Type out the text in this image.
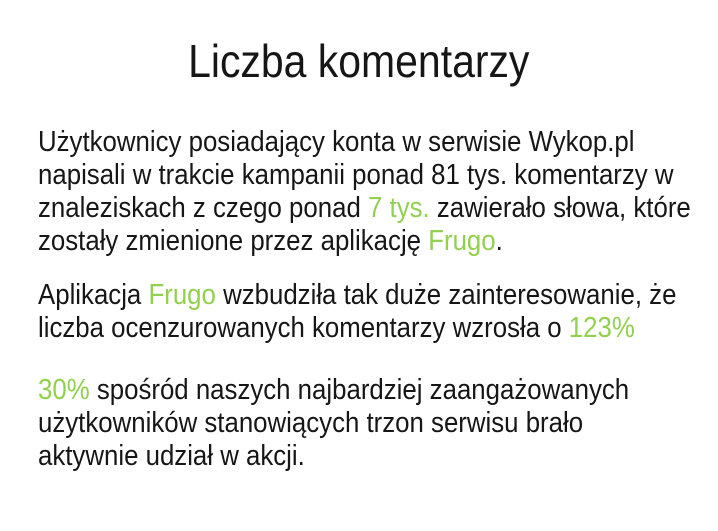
Liczba komentarzy
Użytkownicy posiadający konta w serwisie Wykop.pl
napisali w trakcie kampanii ponad 81 tys. komentarzy w
znaleziskach z czego ponad 7 tys. zawierało słowa, które
zostały zmienione przez aplikację Frugo.
Aplikacja Frugo wzbudziła tak duże zainteresowanie, że
liczba ocenzurowanych komentarzy wzrosła o 123%
30% spośród naszych najbardziej zaangażowanych
użytkowników stanowiących trzon serwisu brało
aktywnie udział w akcji.
